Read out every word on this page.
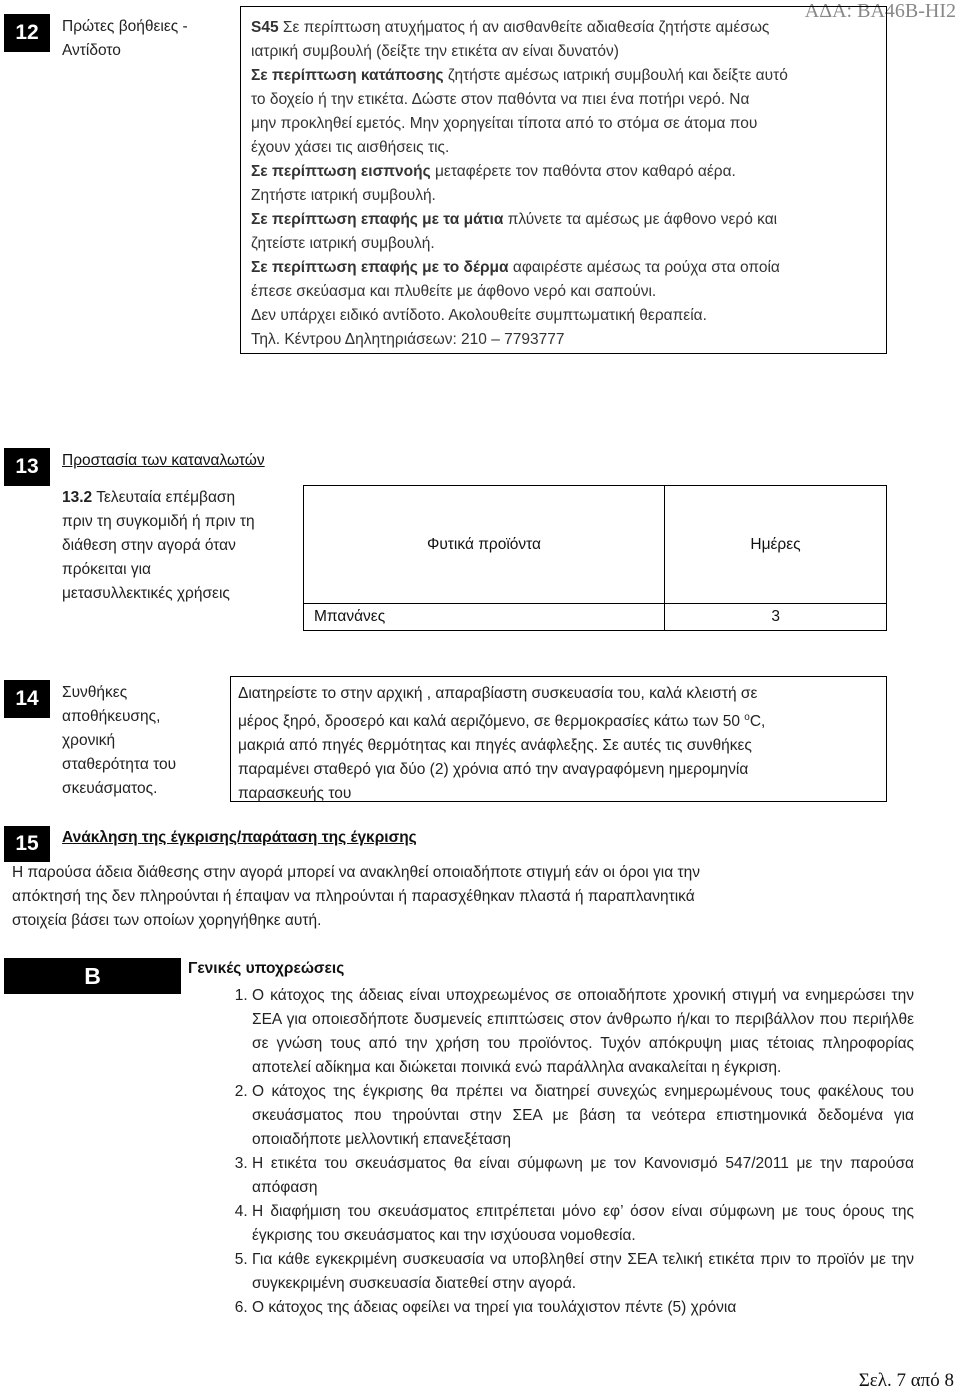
ΑΔΑ: ΒΑ46Β-ΗΙ2
12	Πρώτες βοήθειες -
Αντίδοτο
S45 Σε περίπτωση ατυχήματος ή αν αισθανθείτε αδιαθεσία ζητήστε αμέσως
ιατρική συμβουλή (δείξτε την ετικέτα αν είναι δυνατόν)
Σε περίπτωση κατάποσης ζητήστε αμέσως ιατρική συμβουλή και δείξτε αυτό
το δοχείο ή την ετικέτα. Δώστε στον παθόντα να πιει ένα ποτήρι νερό. Να
μην προκληθεί εμετός. Μην χορηγείται τίποτα από το στόμα σε άτομα που
έχουν χάσει τις αισθήσεις τις.
Σε περίπτωση εισπνοής μεταφέρετε τον παθόντα στον καθαρό αέρα.
Ζητήστε ιατρική συμβουλή.
Σε περίπτωση επαφής με τα μάτια πλύνετε τα αμέσως με άφθονο νερό και
ζητείστε ιατρική συμβουλή.
Σε περίπτωση επαφής με το δέρμα αφαιρέστε αμέσως τα ρούχα στα οποία
έπεσε σκεύασμα και πλυθείτε με άφθονο νερό και σαπούνι.
Δεν υπάρχει ειδικό αντίδοτο. Ακολουθείτε συμπτωματική θεραπεία.
Τηλ. Κέντρου Δηλητηριάσεων: 210 – 7793777
13	Προστασία των καταναλωτών
13.2 Τελευταία επέμβαση
πριν τη συγκομιδή ή πριν τη
διάθεση στην αγορά όταν
πρόκειται για
μετασυλλεκτικές χρήσεις
Φυτικά προϊόντα	Ημέρες
Μπανάνες	3
14	Συνθήκες
αποθήκευσης,
χρονική
σταθερότητα του
σκευάσματος.
Διατηρείστε το στην αρχική , απαραβίαστη συσκευασία του, καλά κλειστή σε
μέρος ξηρό, δροσερό και καλά αεριζόμενο, σε θερμοκρασίες κάτω των 50 $^o$C,
μακριά από πηγές θερμότητας και πηγές ανάφλεξης. Σε αυτές τις συνθήκες
παραμένει σταθερό για δύο (2) χρόνια από την αναγραφόμενη ημερομηνία
παρασκευής του
15	Ανάκληση της έγκρισης/παράταση της έγκρισης
Η παρούσα άδεια διάθεσης στην αγορά μπορεί να ανακληθεί οποιαδήποτε στιγμή εάν οι όροι για την
απόκτησή της δεν πληρούνται ή έπαψαν να πληρούνται ή παρασχέθηκαν πλαστά ή παραπλανητικά
στοιχεία βάσει των οποίων χορηγήθηκε αυτή.
B	Γενικές υποχρεώσεις
1. Ο κάτοχος της άδειας είναι υποχρεωμένος σε οποιαδήποτε χρονική στιγμή να ενημερώσει την ΣΕΑ για οποιεσδήποτε δυσμενείς επιπτώσεις στον άνθρωπο ή/και το περιβάλλον που περιήλθε σε γνώση τους από την χρήση του προϊόντος. Τυχόν απόκρυψη μιας τέτοιας πληροφορίας αποτελεί αδίκημα και διώκεται ποινικά ενώ παράλληλα ανακαλείται η έγκριση.
2. Ο κάτοχος της έγκρισης θα πρέπει να διατηρεί συνεχώς ενημερωμένους τους φακέλους του σκευάσματος που τηρούνται στην ΣΕΑ με βάση τα νεότερα επιστημονικά δεδομένα για οποιαδήποτε μελλοντική επανεξέταση
3. Η ετικέτα του σκευάσματος θα είναι σύμφωνη με τον Κανονισμό 547/2011 με την παρούσα απόφαση
4. Η διαφήμιση του σκευάσματος επιτρέπεται μόνο εφ’ όσον είναι σύμφωνη με τους όρους της έγκρισης του σκευάσματος και την ισχύουσα νομοθεσία.
5. Για κάθε εγκεκριμένη συσκευασία να υποβληθεί στην ΣΕΑ τελική ετικέτα πριν το προϊόν με την συγκεκριμένη συσκευασία διατεθεί στην αγορά.
6. Ο κάτοχος της άδειας οφείλει να τηρεί για τουλάχιστον πέντε (5) χρόνια
Σελ. 7 από 8
